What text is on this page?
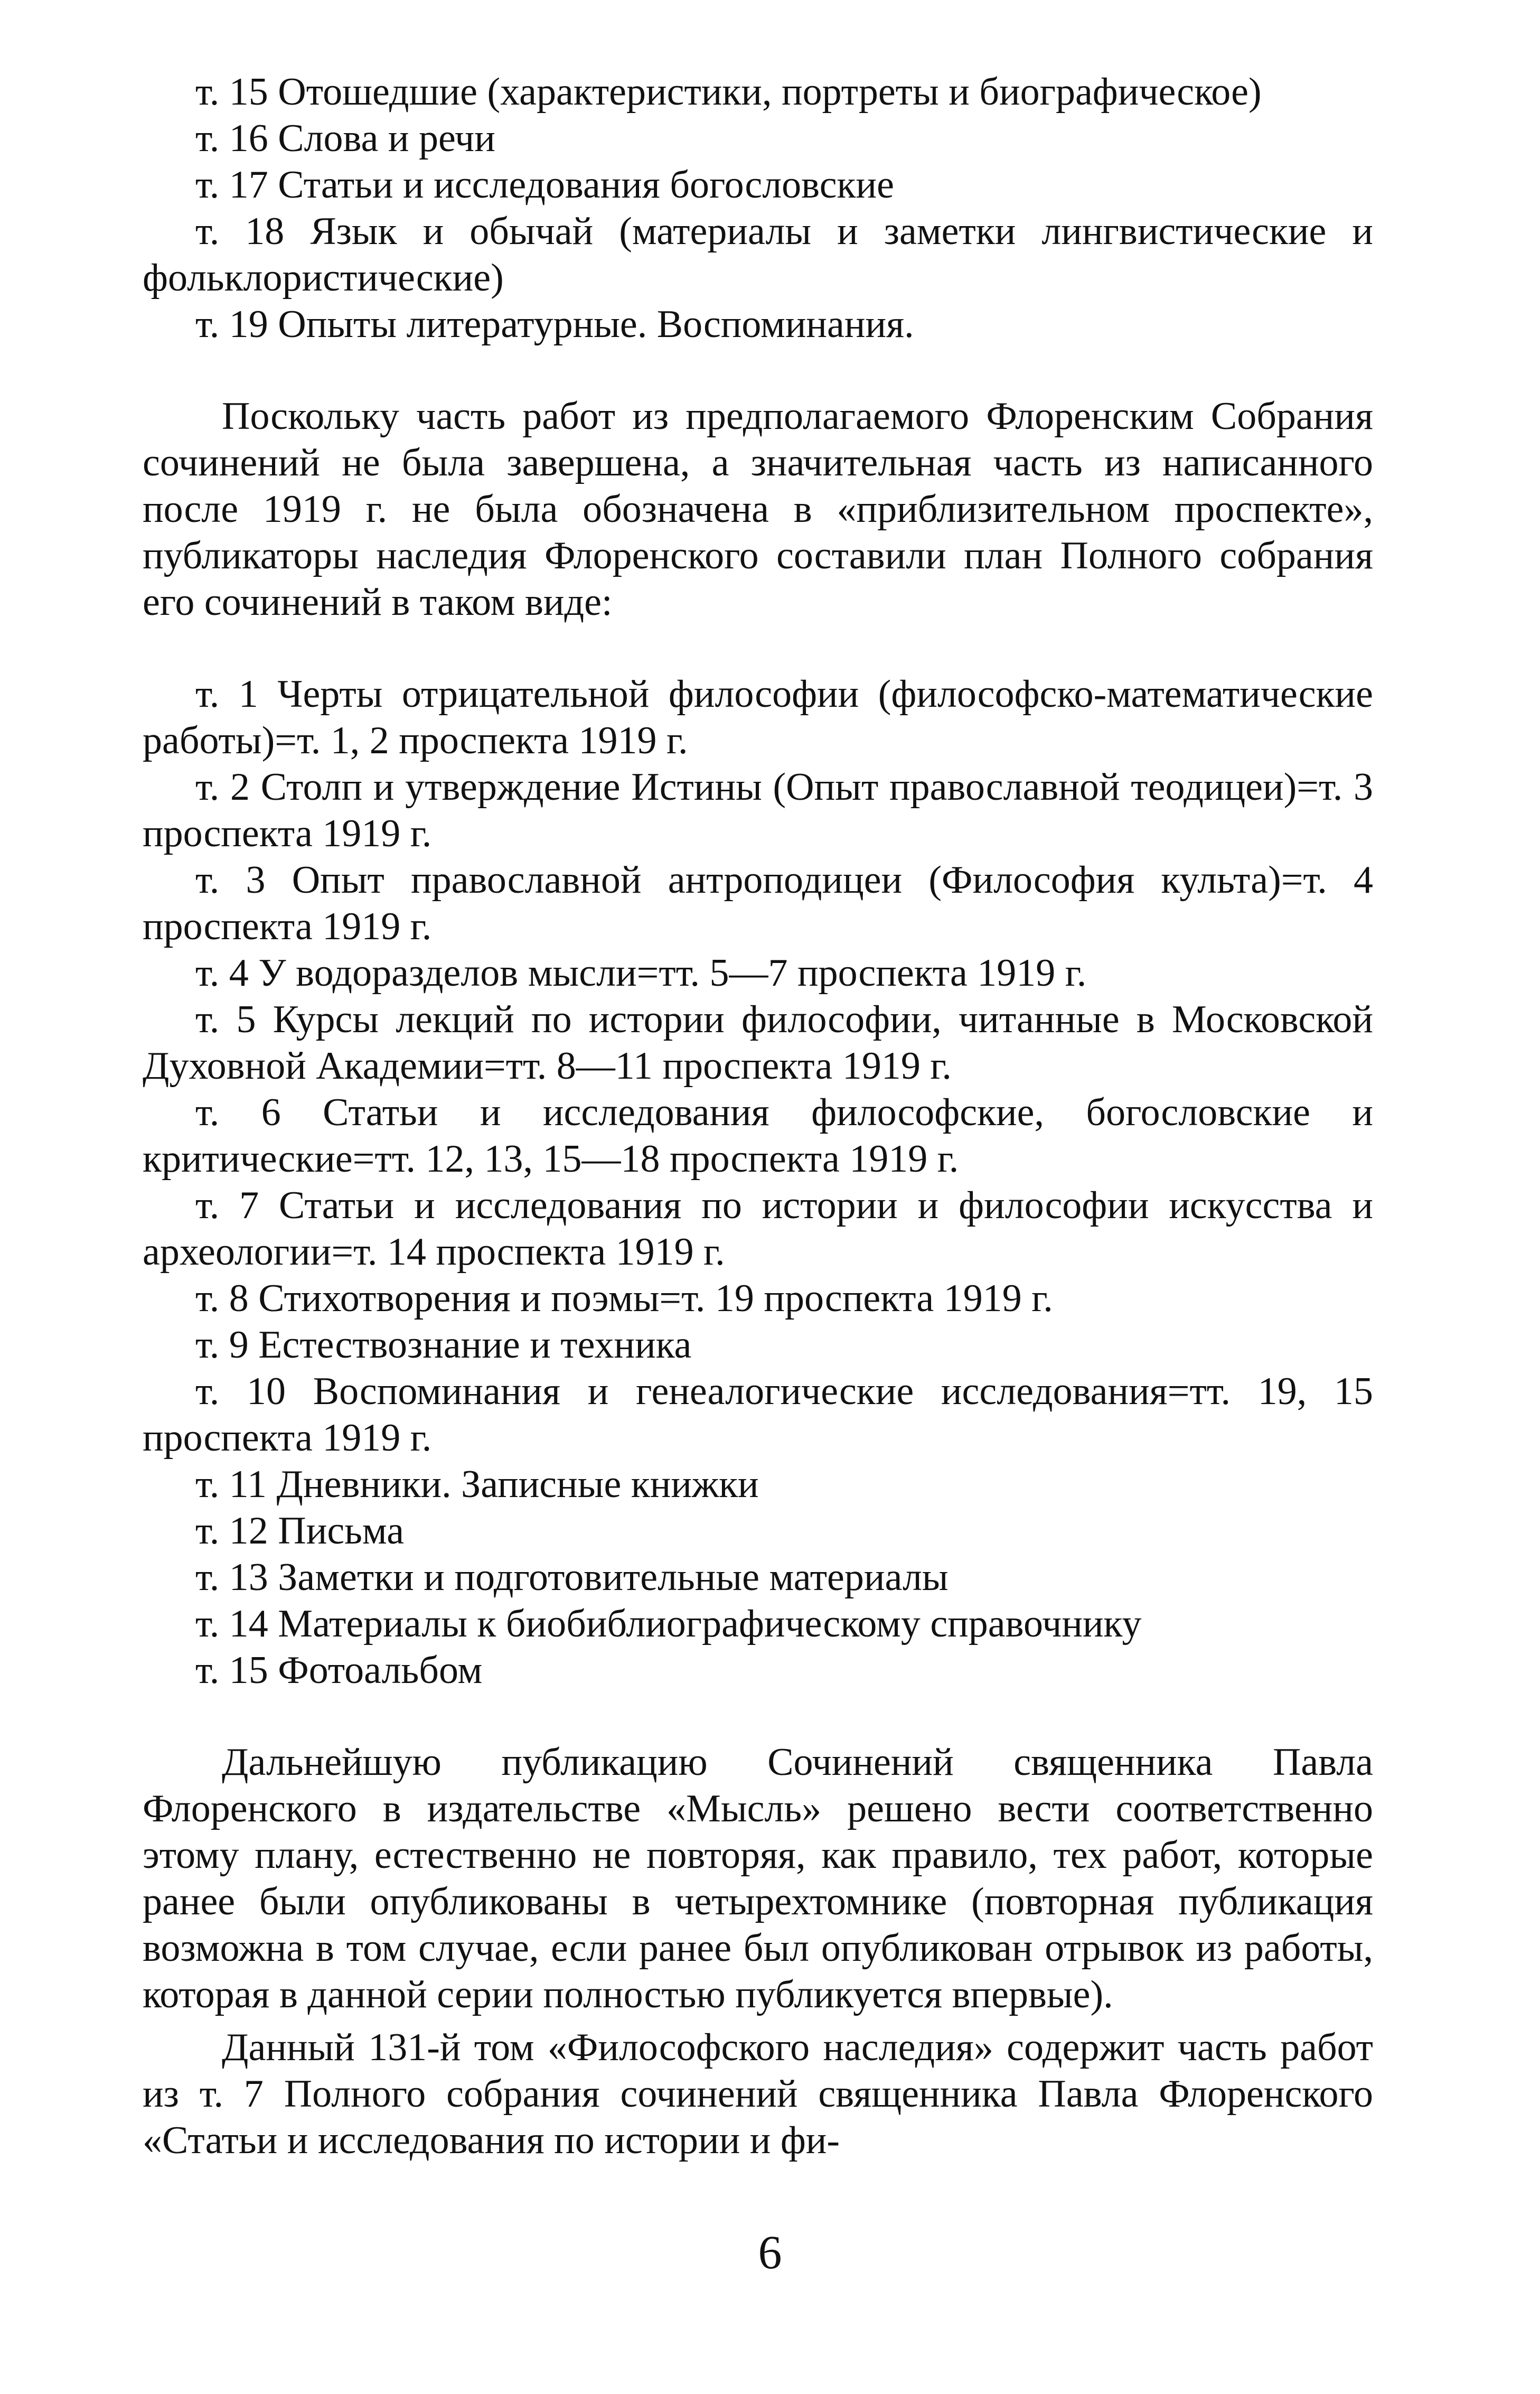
т. 15 Отошедшие (характеристики, портреты и биографическое)

т. 16 Слова и речи

т. 17 Статьи и исследования богословские

т. 18 Язык и обычай (материалы и заметки лингвистические и фольклористические)

т. 19 Опыты литературные. Воспоминания.

Поскольку часть работ из предполагаемого Флоренским Собрания сочинений не была завершена, а значительная часть из написанного после 1919 г. не была обозначена в «приблизительном проспекте», публикаторы наследия Флоренского составили план Полного собрания его сочинений в таком виде:

т. 1 Черты отрицательной философии (философско-математические работы)=т. 1, 2 проспекта 1919 г.

т. 2 Столп и утверждение Истины (Опыт православной теодицеи)=т. 3 проспекта 1919 г.

т. 3 Опыт православной антроподицеи (Философия культа)=т. 4 проспекта 1919 г.

т. 4 У водоразделов мысли=тт. 5—7 проспекта 1919 г.

т. 5 Курсы лекций по истории философии, читанные в Московской Духовной Академии=тт. 8—11 проспекта 1919 г.

т. 6 Статьи и исследования философские, богословские и критические=тт. 12, 13, 15—18 проспекта 1919 г.

т. 7 Статьи и исследования по истории и философии искусства и археологии=т. 14 проспекта 1919 г.

т. 8 Стихотворения и поэмы=т. 19 проспекта 1919 г.

т. 9 Естествознание и техника

т. 10 Воспоминания и генеалогические исследования=тт. 19, 15 проспекта 1919 г.

т. 11 Дневники. Записные книжки

т. 12 Письма

т. 13 Заметки и подготовительные материалы

т. 14 Материалы к биобиблиографическому справочнику

т. 15 Фотоальбом

Дальнейшую публикацию Сочинений священника Павла Флоренского в издательстве «Мысль» решено вести соответственно этому плану, естественно не повторяя, как правило, тех работ, которые ранее были опубликованы в четырехтомнике (повторная публикация возможна в том случае, если ранее был опубликован отрывок из работы, которая в данной серии полностью публикуется впервые).

Данный 131-й том «Философского наследия» содержит часть работ из т. 7 Полного собрания сочинений священника Павла Флоренского «Статьи и исследования по истории и фи-

6
